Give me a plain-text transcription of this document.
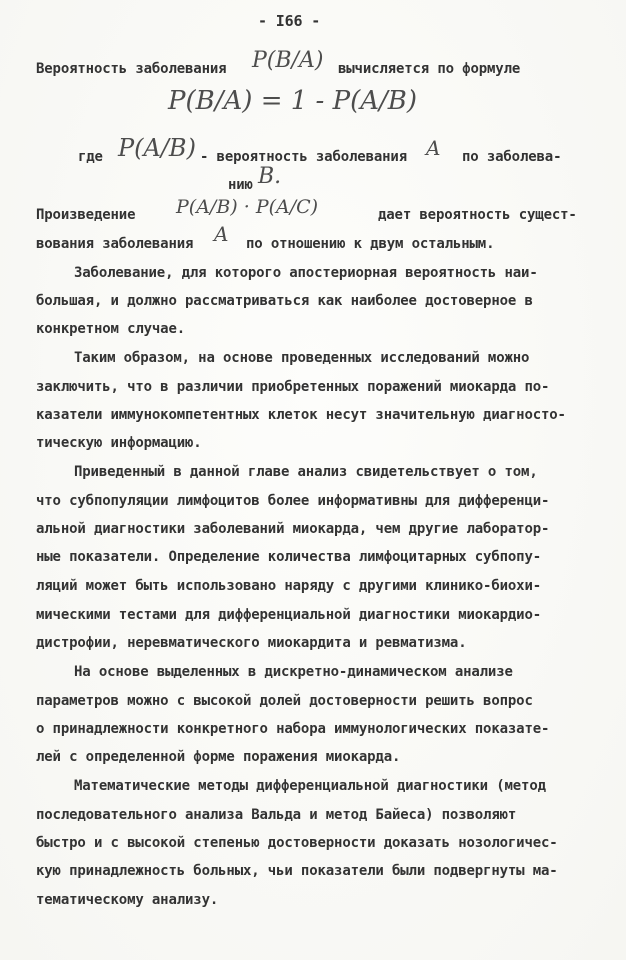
- I66 -
Вероятность заболевания P(B/A) вычисляется по формуле
P(B/A) = 1 - P(A/B)
где P(A/B) - вероятность заболевания A по заболева-
нию B.
Произведение P(A/B) · P(A/C)	дает вероятность сущест-
вования заболевания A по отношению к двум остальным.
Заболевание, для которого апостериорная вероятность наи-
большая, и должно рассматриваться как наиболее достоверное в
конкретном случае.
Таким образом, на основе проведенных исследований можно
заключить, что в различии приобретенных поражений миокарда по-
казатели иммунокомпетентных клеток несут значительную диагносто-
тическую информацию.
Приведенный в данной главе анализ свидетельствует о том,
что субпопуляции лимфоцитов более информативны для дифференци-
альной диагностики заболеваний миокарда, чем другие лаборатор-
ные показатели. Определение количества лимфоцитарных субпопу-
ляций может быть использовано наряду с другими клинико-биохи-
мическими тестами для дифференциальной диагностики миокардио-
дистрофии, неревматического миокардита и ревматизма.
На основе выделенных в дискретно-динамическом анализе
параметров можно с высокой долей достоверности решить вопрос
о принадлежности конкретного набора иммунологических показате-
лей с определенной форме поражения миокарда.
Математические методы дифференциальной диагностики (метод
последовательного анализа Вальда и метод Байеса) позволяют
быстро и с высокой степенью достоверности доказать нозологичес-
кую принадлежность больных, чьи показатели были подвергнуты ма-
тематическому анализу.
